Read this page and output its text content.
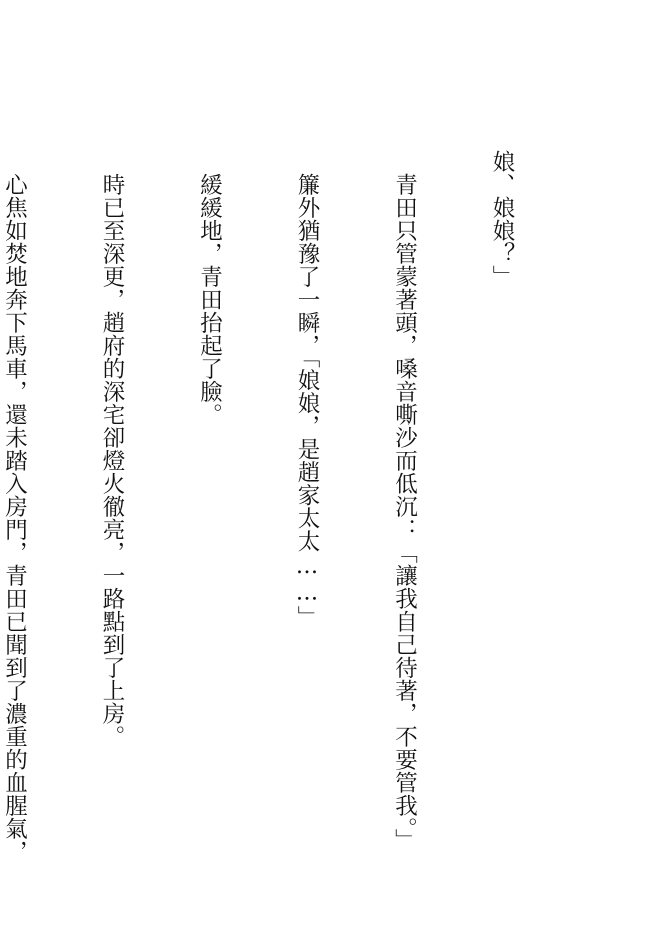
娘、娘娘？」

　青田只管蒙著頭，嗓音嘶沙而低沉：「讓我自己待著，不要管我。」

　簾外猶豫了一瞬，「娘娘，是趙家太太……」

　緩緩地，青田抬起了臉。

　時已至深更，趙府的深宅卻燈火徹亮，一路點到了上房。

　心焦如焚地奔下馬車，還未踏入房門，青田已聞到了濃重的血腥氣，
